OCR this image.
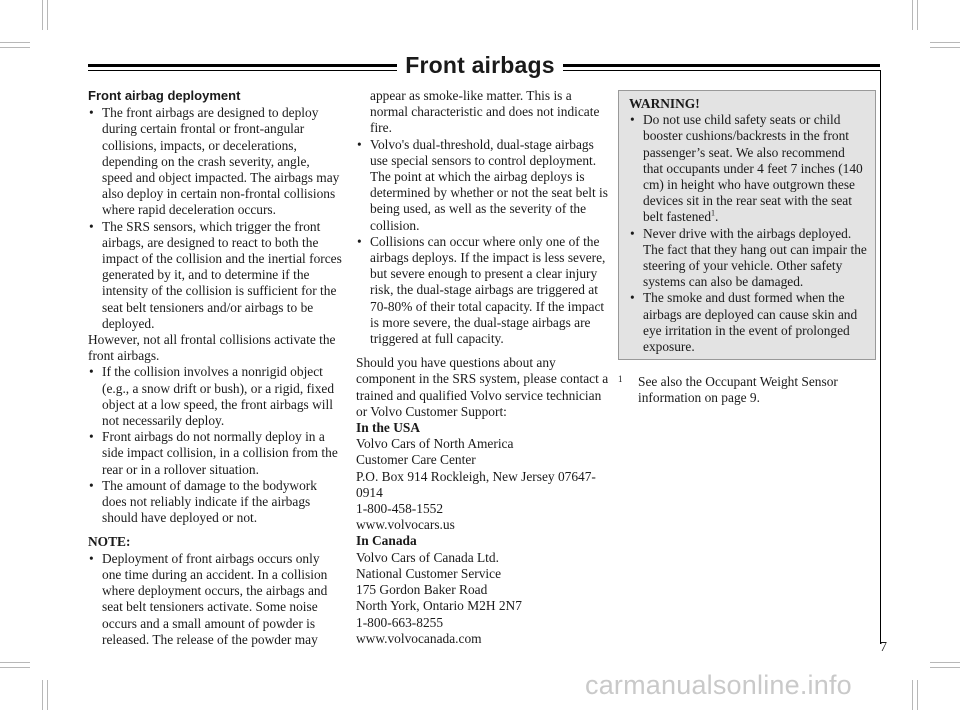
Front airbags
Front airbag deployment
• The front airbags are designed to deploy during certain frontal or front-angular collisions, impacts, or decelerations, depending on the crash severity, angle, speed and object impacted. The airbags may also deploy in certain non-frontal collisions where rapid deceleration occurs.
• The SRS sensors, which trigger the front airbags, are designed to react to both the impact of the collision and the inertial forces generated by it, and to determine if the intensity of the collision is sufficient for the seat belt tensioners and/or airbags to be deployed.

However, not all frontal collisions activate the front airbags.

• If the collision involves a nonrigid object (e.g., a snow drift or bush), or a rigid, fixed object at a low speed, the front airbags will not necessarily deploy.
• Front airbags do not normally deploy in a side impact collision, in a collision from the rear or in a rollover situation.
• The amount of damage to the bodywork does not reliably indicate if the airbags should have deployed or not.

NOTE:

• Deployment of front airbags occurs only one time during an accident. In a collision where deployment occurs, the airbags and seat belt tensioners activate. Some noise occurs and a small amount of powder is released. The release of the powder may

appear as smoke-like matter. This is a normal characteristic and does not indicate fire.

• Volvo's dual-threshold, dual-stage airbags use special sensors to control deployment. The point at which the airbag deploys is determined by whether or not the seat belt is being used, as well as the severity of the collision.
• Collisions can occur where only one of the airbags deploys. If the impact is less severe, but severe enough to present a clear injury risk, the dual-stage airbags are triggered at 70-80% of their total capacity. If the impact is more severe, the dual-stage airbags are triggered at full capacity.

Should you have questions about any component in the SRS system, please contact a trained and qualified Volvo service technician or Volvo Customer Support:

In the USA

Volvo Cars of North America

Customer Care Center

P.O. Box 914 Rockleigh, New Jersey 07647-0914

1-800-458-1552

www.volvocars.us

In Canada

Volvo Cars of Canada Ltd.

National Customer Service

175 Gordon Baker Road

North York, Ontario M2H 2N7

1-800-663-8255

www.volvocanada.com

WARNING!

• Do not use child safety seats or child booster cushions/backrests in the front passenger’s seat. We also recommend that occupants under 4 feet 7 inches (140 cm) in height who have outgrown these devices sit in the rear seat with the seat belt fastened$^1$.
• Never drive with the airbags deployed. The fact that they hang out can impair the steering of your vehicle. Other safety systems can also be damaged.
• The smoke and dust formed when the airbags are deployed can cause skin and eye irritation in the event of prolonged exposure.
1 See also the Occupant Weight Sensor information on page 9.
7
carmanualsonline.info
